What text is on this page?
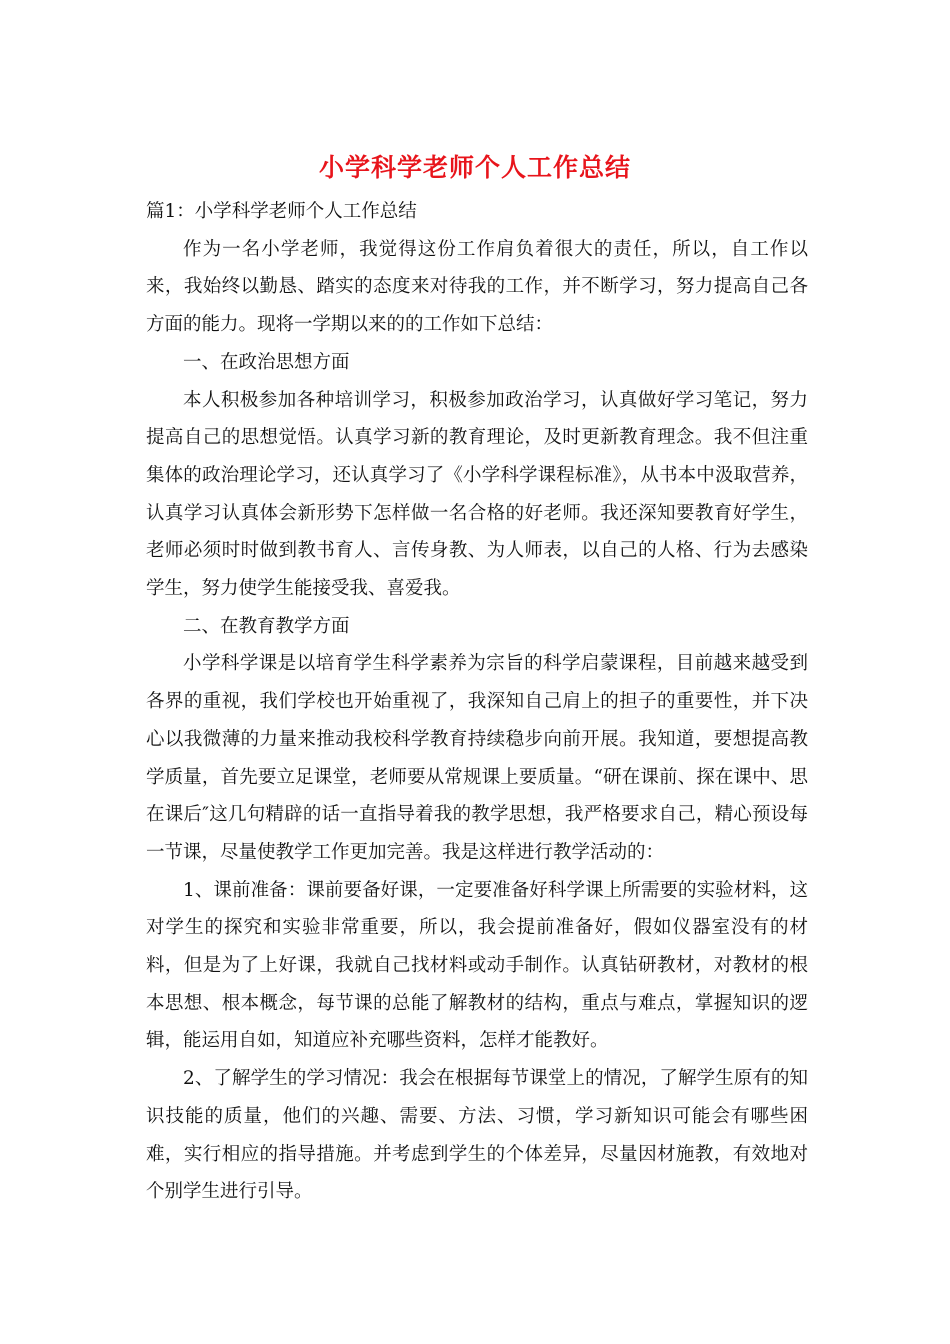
小学科学老师个人工作总结

篇1：小学科学老师个人工作总结

作为一名小学老师，我觉得这份工作肩负着很大的责任，所以，自工作以来，我始终以勤恳、踏实的态度来对待我的工作，并不断学习，努力提高自己各方面的能力。现将一学期以来的的工作如下总结：

一、在政治思想方面

本人积极参加各种培训学习，积极参加政治学习，认真做好学习笔记，努力提高自己的思想觉悟。认真学习新的教育理论，及时更新教育理念。我不但注重集体的政治理论学习，还认真学习了《小学科学课程标准》，从书本中汲取营养，认真学习认真体会新形势下怎样做一名合格的好老师。我还深知要教育好学生，老师必须时时做到教书育人、言传身教、为人师表，以自己的人格、行为去感染学生，努力使学生能接受我、喜爱我。

二、在教育教学方面

小学科学课是以培育学生科学素养为宗旨的科学启蒙课程，目前越来越受到各界的重视，我们学校也开始重视了，我深知自己肩上的担子的重要性，并下决心以我微薄的力量来推动我校科学教育持续稳步向前开展。我知道，要想提高教学质量，首先要立足课堂，老师要从常规课上要质量。“研在课前、探在课中、思在课后″这几句精辟的话一直指导着我的教学思想，我严格要求自己，精心预设每一节课，尽量使教学工作更加完善。我是这样进行教学活动的：

1、课前准备：课前要备好课，一定要准备好科学课上所需要的实验材料，这对学生的探究和实验非常重要，所以，我会提前准备好，假如仪器室没有的材料，但是为了上好课，我就自己找材料或动手制作。认真钻研教材，对教材的根本思想、根本概念，每节课的总能了解教材的结构，重点与难点，掌握知识的逻辑，能运用自如，知道应补充哪些资料，怎样才能教好。

2、了解学生的学习情况：我会在根据每节课堂上的情况，了解学生原有的知识技能的质量，他们的兴趣、需要、方法、习惯，学习新知识可能会有哪些困难，实行相应的指导措施。并考虑到学生的个体差异，尽量因材施教，有效地对个别学生进行引导。
